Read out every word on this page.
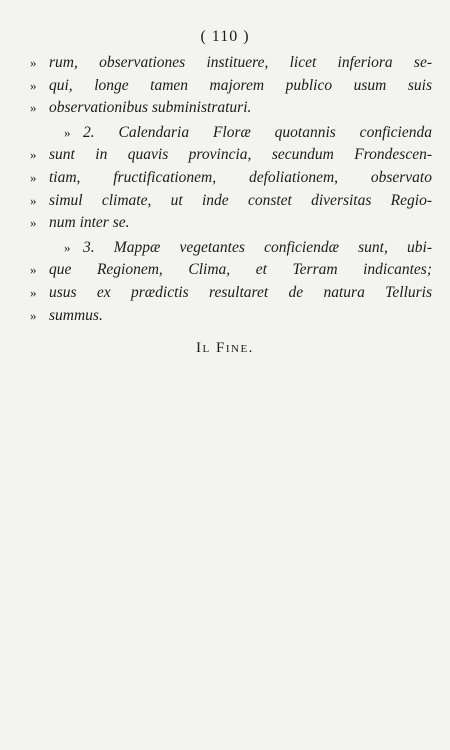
( 110 )
» rum, observationes instituere, licet inferiora se-
» qui, longe tamen majorem publico usum suis
» observationibus subministraturi.
» 2. Calendaria Floræ quotannis conficienda
» sunt in quavis provincia, secundum Frondescen-
» tiam, fructificationem, defoliationem, observato
» simul climate, ut inde constet diversitas Regio-
» num inter se.
» 3. Mappæ vegetantes conficiendæ sunt, ubi-
» que Regionem, Clima, et Terram indicantes;
» usus ex prædictis resultaret de natura Telluris
» summus.
Il Fine.
